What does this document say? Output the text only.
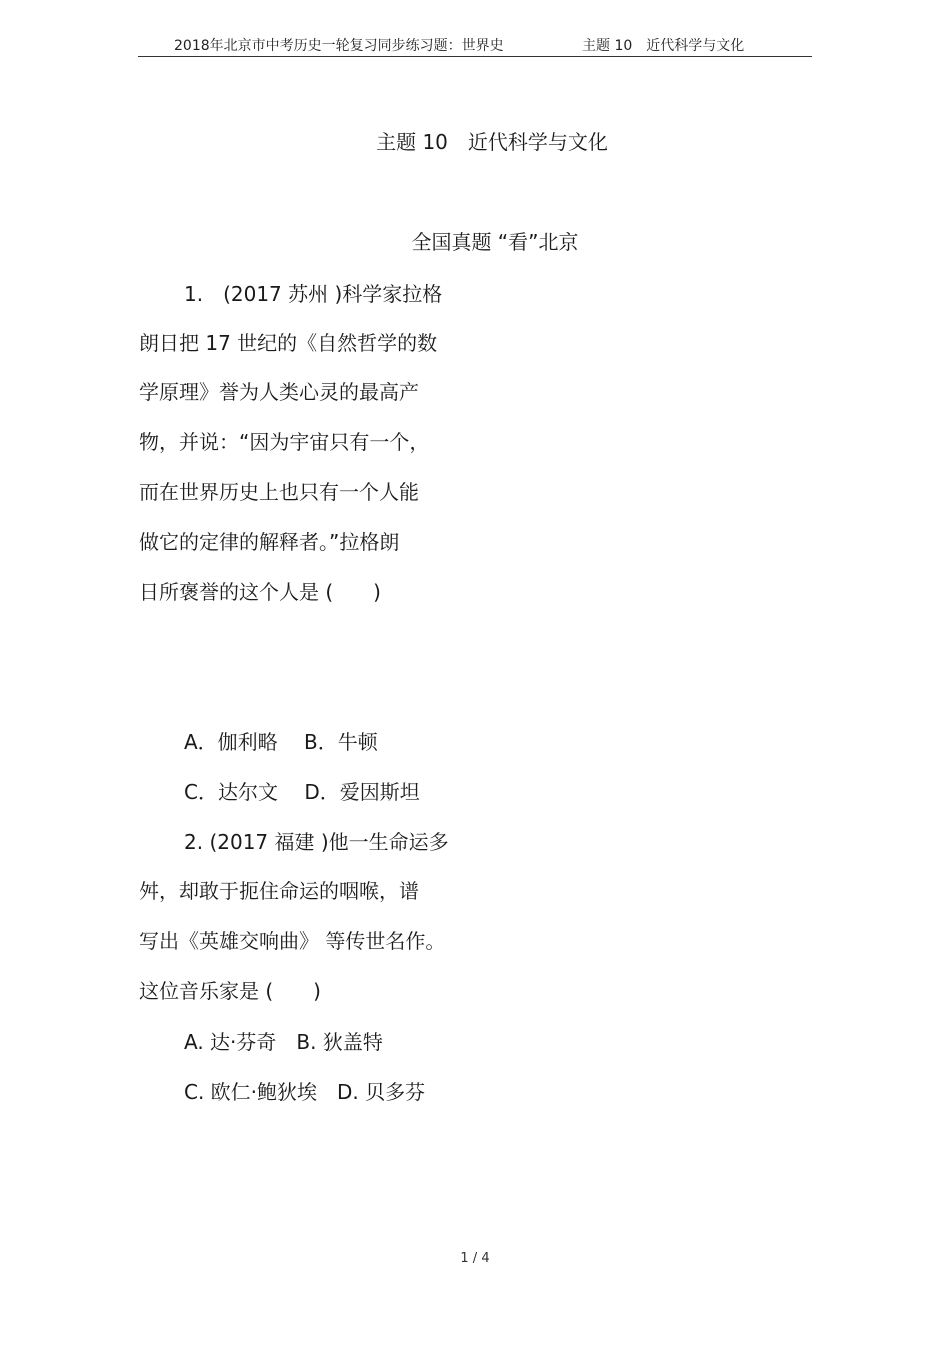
2018年北京市中考历史一轮复习同步练习题：世界史	主题 10　近代科学与文化
主题 10　近代科学与文化
全国真题 “看”北京
1.　(2017 苏州 )科学家拉格
朗日把 17 世纪的《自然哲学的数
学原理》誉为人类心灵的最高产
物，并说：“因为宇宙只有一个，
而在世界历史上也只有一个人能
做它的定律的解释者。”拉格朗
日所褒誉的这个人是 (　　)
A．伽利略　 B．牛顿
C．达尔文　 D．爱因斯坦
2. (2017 福建 )他一生命运多
舛，却敢于扼住命运的咽喉，谱
写出《英雄交响曲》 等传世名作。
这位音乐家是 (　　)
A. 达·芬奇　B. 狄盖特
C. 欧仁·鲍狄埃　D. 贝多芬
1 / 4
